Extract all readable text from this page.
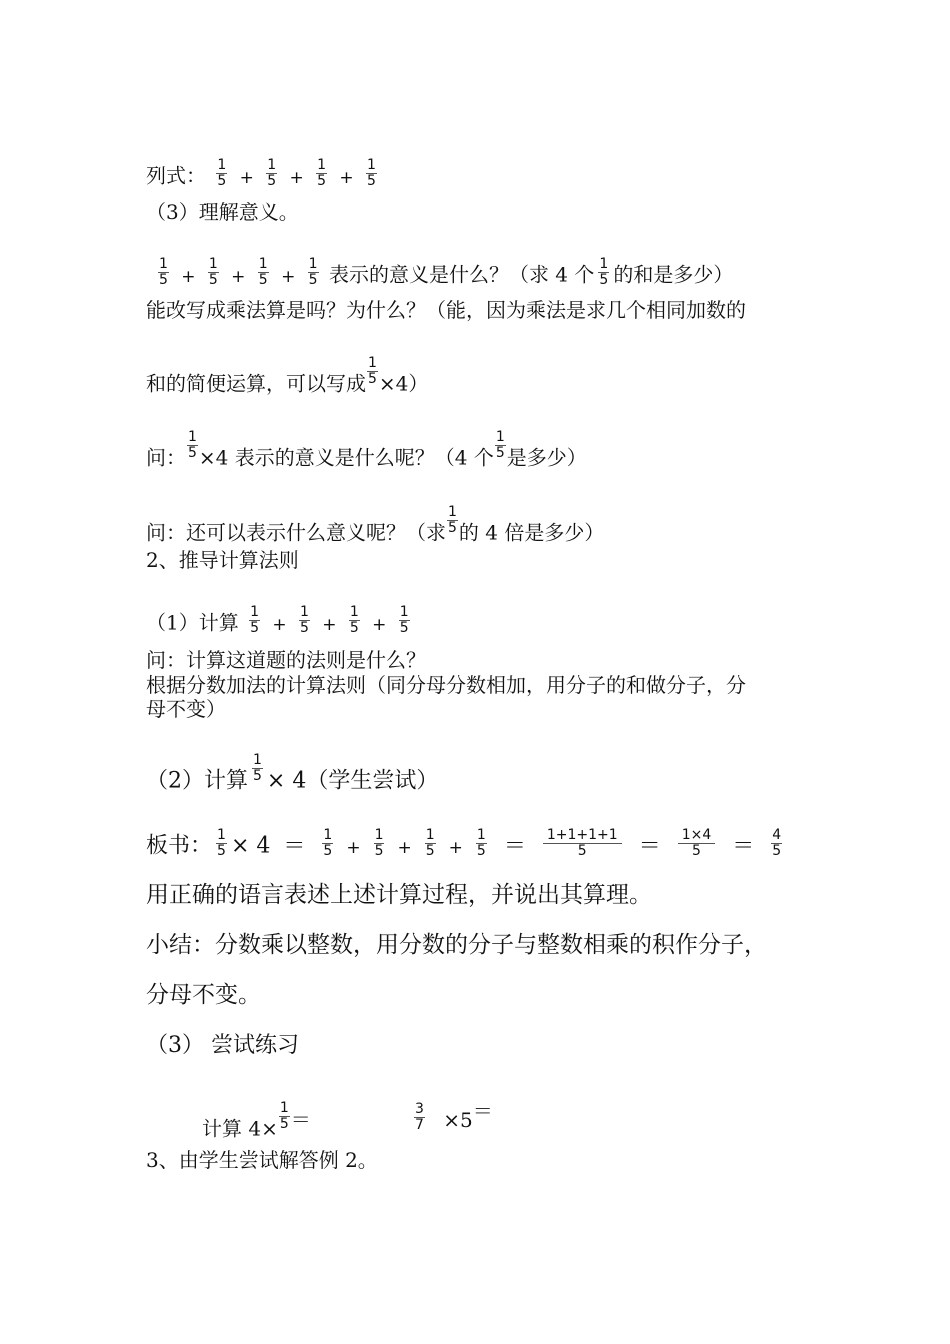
列式： $\frac{1}{5} + \frac{1}{5} + \frac{1}{5} + \frac{1}{5}$
（3）理解意义。
$\frac{1}{5} + \frac{1}{5} + \frac{1}{5} + \frac{1}{5}$ 表示的意义是什么？（求 4 个 $\frac{1}{5}$ 的和是多少）
能改写成乘法算是吗？为什么？（能，因为乘法是求几个相同加数的
和的简便运算，可以写成 $\frac{1}{5} \times 4$）
问： $\frac{1}{5} \times 4$ 表示的意义是什么呢？（4 个 $\frac{1}{5}$ 是多少）
问：还可以表示什么意义呢？（求 $\frac{1}{5}$ 的 4 倍是多少）
2、推导计算法则
（1）计算 $\frac{1}{5} + \frac{1}{5} + \frac{1}{5} + \frac{1}{5}$
问：计算这道题的法则是什么？
根据分数加法的计算法则（同分母分数相加，用分子的和做分子，分
母不变）
（2）计算 $\frac{1}{5} \times 4$（学生尝试）
板书： $\frac{1}{5} \times 4 = \frac{1}{5} + \frac{1}{5} + \frac{1}{5} + \frac{1}{5} = \frac{1+1+1+1}{5} = \frac{1\times 4}{5} = \frac{4}{5}$
用正确的语言表述上述计算过程，并说出其算理。
小结：分数乘以整数，用分数的分子与整数相乘的积作分子，
分母不变。
（3） 尝试练习
计算 $4\times \frac{1}{5}$ ＝	$\frac{3}{7} \times 5=$
3、由学生尝试解答例 2。
